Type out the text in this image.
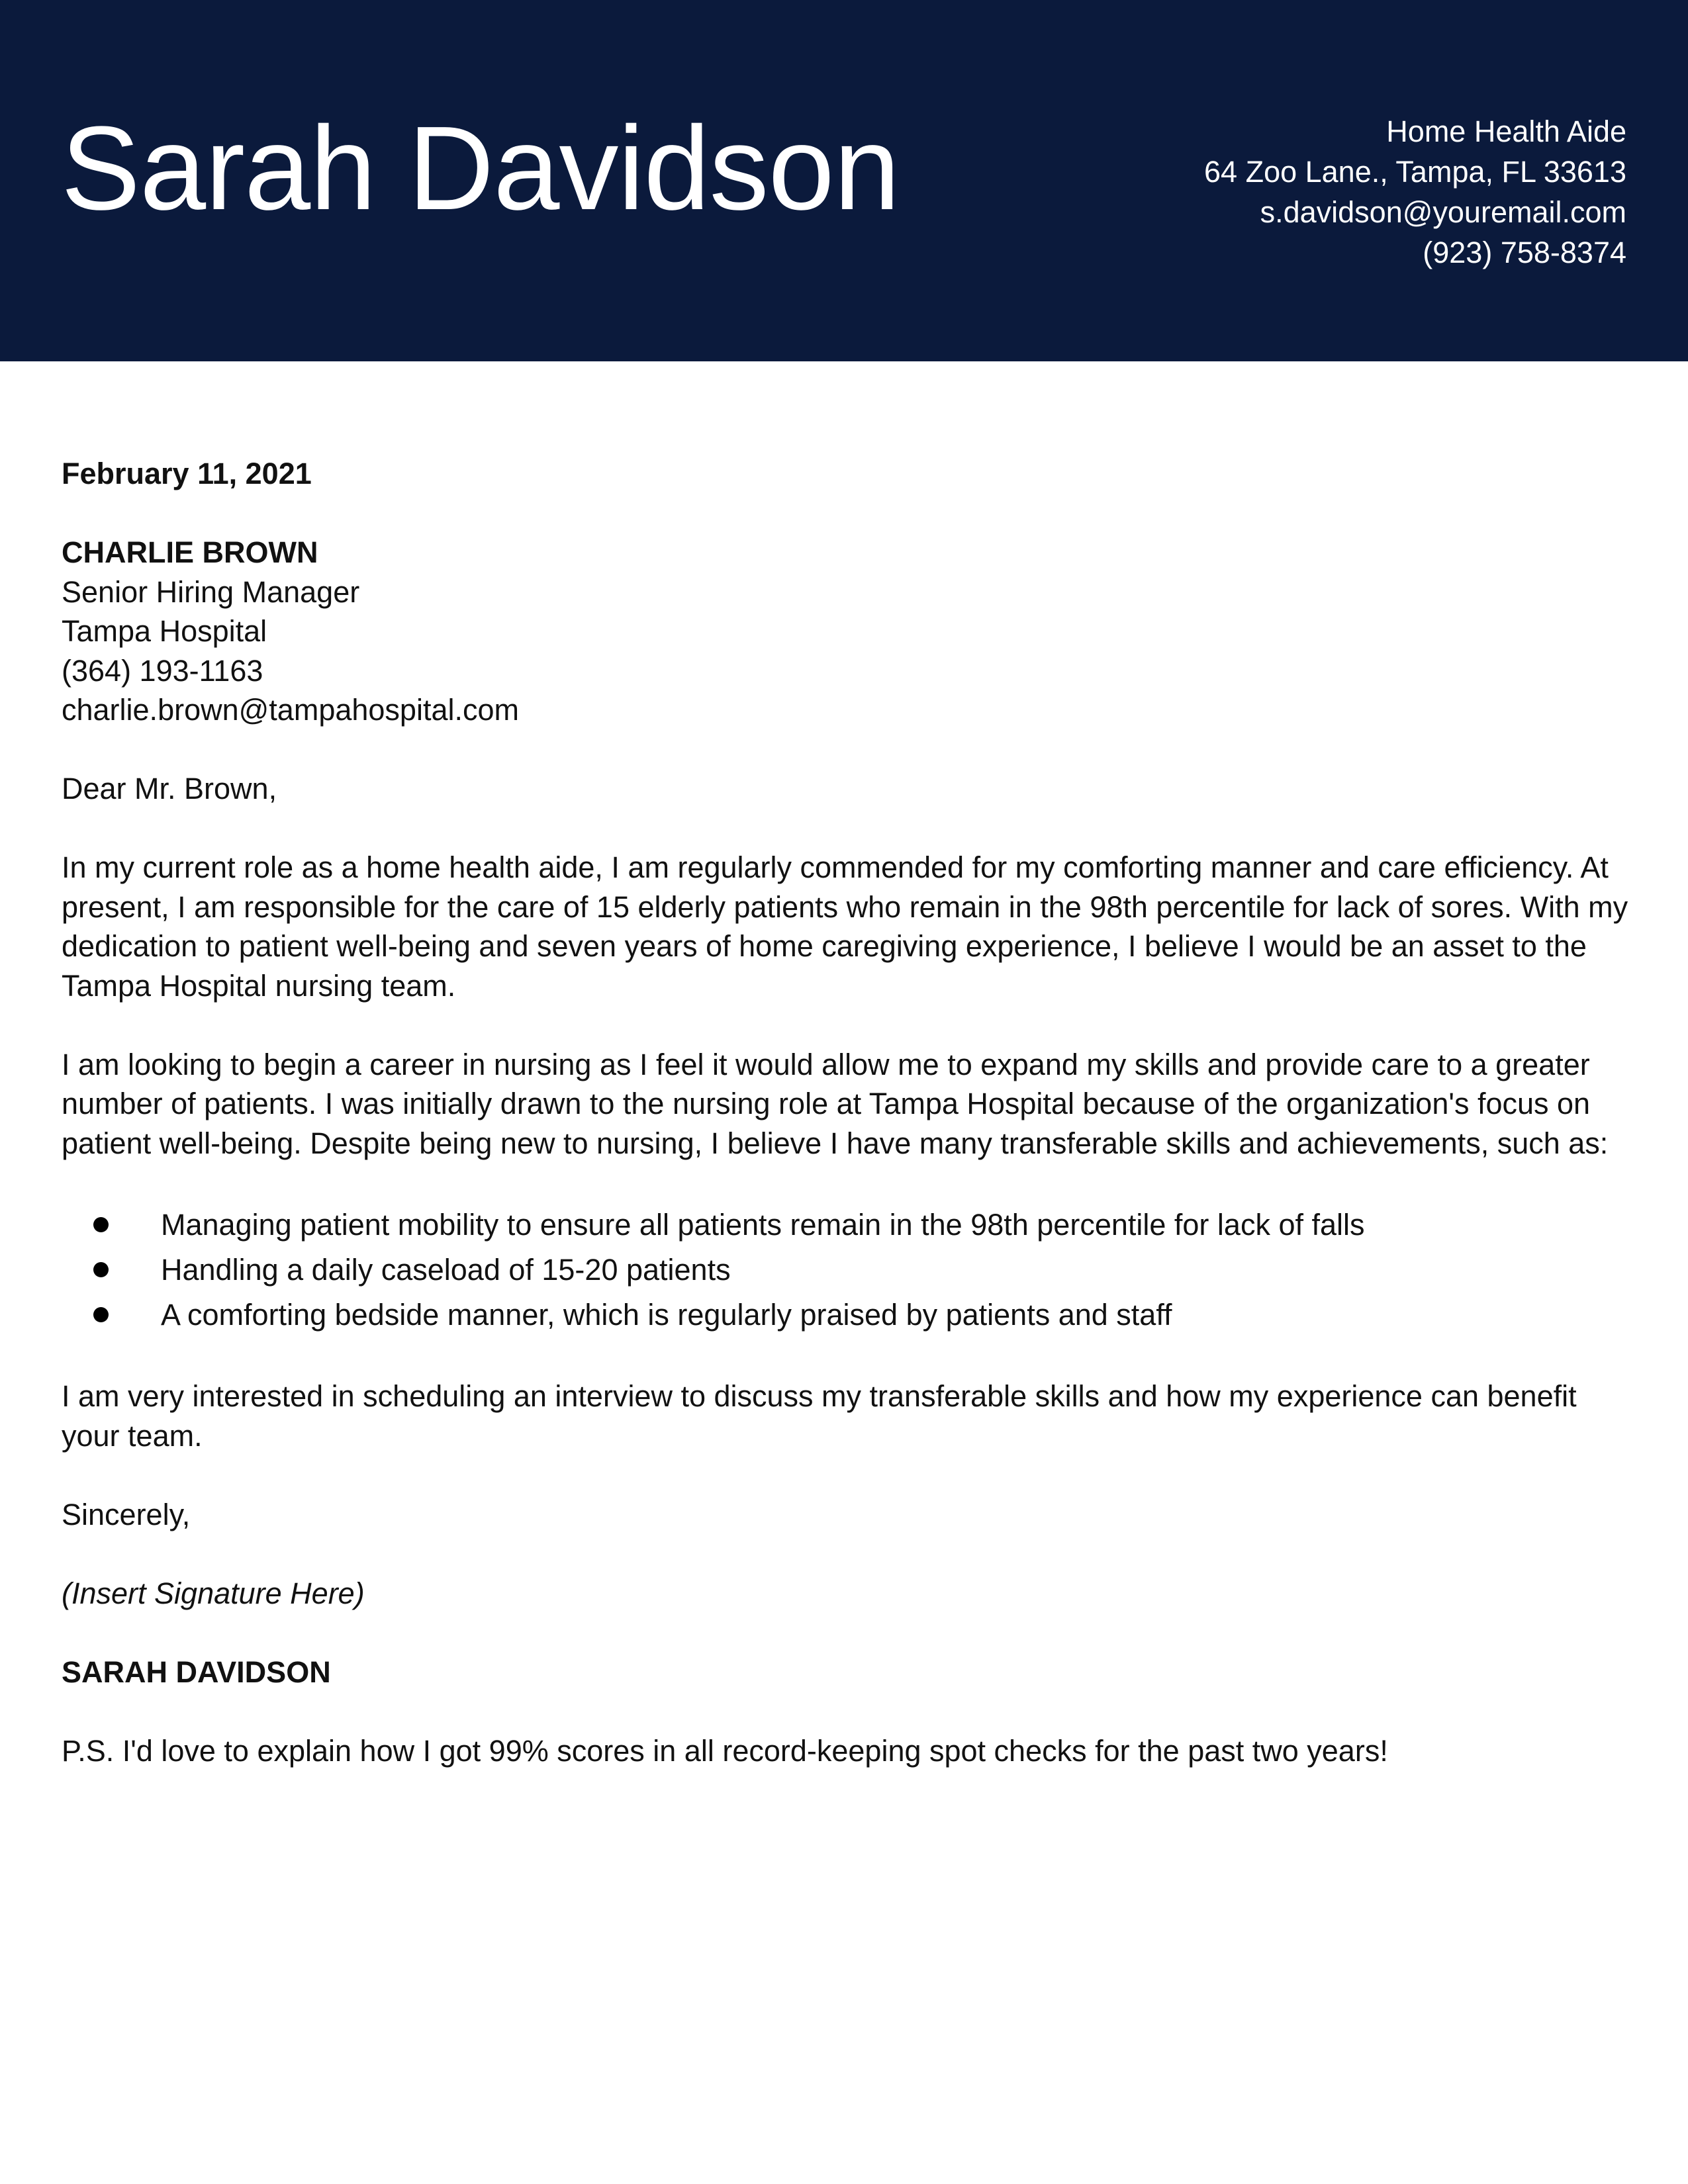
Sarah Davidson	Home Health Aide
64 Zoo Lane., Tampa, FL 33613
s.davidson@youremail.com
(923) 758-8374

February 11, 2021

CHARLIE BROWN

Senior Hiring Manager

Tampa Hospital

(364) 193-1163

charlie.brown@tampahospital.com

Dear Mr. Brown,

In my current role as a home health aide, I am regularly commended for my comforting manner and care efficiency. At present, I am responsible for the care of 15 elderly patients who remain in the 98th percentile for lack of sores. With my dedication to patient well-being and seven years of home caregiving experience, I believe I would be an asset to the Tampa Hospital nursing team.

I am looking to begin a career in nursing as I feel it would allow me to expand my skills and provide care to a greater number of patients. I was initially drawn to the nursing role at Tampa Hospital because of the organization's focus on patient well-being. Despite being new to nursing, I believe I have many transferable skills and achievements, such as:

Managing patient mobility to ensure all patients remain in the 98th percentile for lack of falls
Handling a daily caseload of 15-20 patients
A comforting bedside manner, which is regularly praised by patients and staff

I am very interested in scheduling an interview to discuss my transferable skills and how my experience can benefit your team.

Sincerely,

(Insert Signature Here)

SARAH DAVIDSON

P.S. I'd love to explain how I got 99% scores in all record-keeping spot checks for the past two years!
